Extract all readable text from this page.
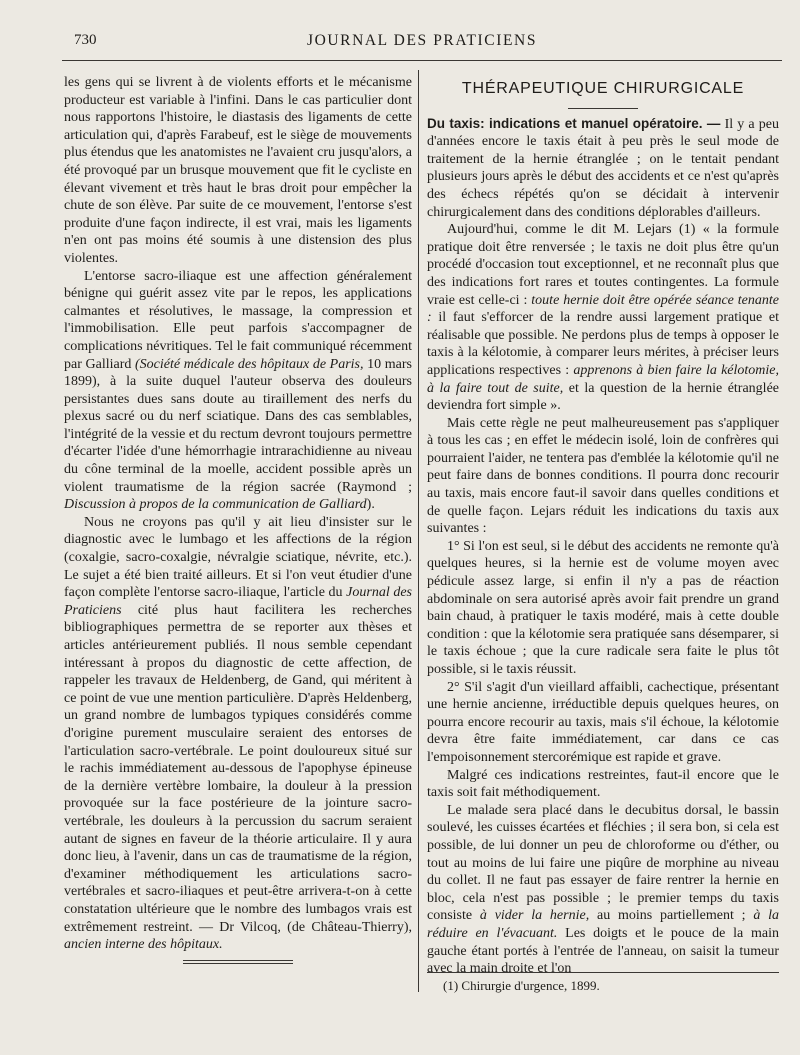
730	JOURNAL DES PRATICIENS

les gens qui se livrent à de violents efforts et le mécanisme producteur est variable à l'infini. Dans le cas particulier dont nous rapportons l'histoire, le diastasis des ligaments de cette articulation qui, d'après Farabeuf, est le siège de mouvements plus étendus que les anatomistes ne l'avaient cru jusqu'alors, a été provoqué par un brusque mouvement que fit le cycliste en élevant vivement et très haut le bras droit pour empêcher la chute de son élève. Par suite de ce mouvement, l'entorse s'est produite d'une façon indirecte, il est vrai, mais les ligaments n'en ont pas moins été soumis à une distension des plus violentes.

L'entorse sacro-iliaque est une affection généralement bénigne qui guérit assez vite par le repos, les applications calmantes et résolutives, le massage, la compression et l'immobilisation. Elle peut parfois s'accompagner de complications névritiques. Tel le fait communiqué récemment par Galliard (Société médicale des hôpitaux de Paris, 10 mars 1899), à la suite duquel l'auteur observa des douleurs persistantes dues sans doute au tiraillement des nerfs du plexus sacré ou du nerf sciatique. Dans des cas semblables, l'intégrité de la vessie et du rectum devront toujours permettre d'écarter l'idée d'une hémorrhagie intrarachidienne au niveau du cône terminal de la moelle, accident possible après un violent traumatisme de la région sacrée (Raymond ; Discussion à propos de la communication de Galliard).

Nous ne croyons pas qu'il y ait lieu d'insister sur le diagnostic avec le lumbago et les affections de la région (coxalgie, sacro-coxalgie, névralgie sciatique, névrite, etc.). Le sujet a été bien traité ailleurs. Et si l'on veut étudier d'une façon complète l'entorse sacro-iliaque, l'article du Journal des Praticiens cité plus haut facilitera les recherches bibliographiques permettra de se reporter aux thèses et articles antérieurement publiés. Il nous semble cependant intéressant à propos du diagnostic de cette affection, de rappeler les travaux de Heldenberg, de Gand, qui méritent à ce point de vue une mention particulière. D'après Heldenberg, un grand nombre de lumbagos typiques considérés comme d'origine purement musculaire seraient des entorses de l'articulation sacro-vertébrale. Le point douloureux situé sur le rachis immédiatement au-dessous de l'apophyse épineuse de la dernière vertèbre lombaire, la douleur à la pression provoquée sur la face postérieure de la jointure sacro-vertébrale, les douleurs à la percussion du sacrum seraient autant de signes en faveur de la théorie articulaire. Il y aura donc lieu, à l'avenir, dans un cas de traumatisme de la région, d'examiner méthodiquement les articulations sacro-vertébrales et sacro-iliaques et peut-être arrivera-t-on à cette constatation ultérieure que le nombre des lumbagos vrais est extrêmement restreint. — Dr Vilcoq, (de Château-Thierry), ancien interne des hôpitaux.

THÉRAPEUTIQUE CHIRURGICALE

Du taxis: indications et manuel opératoire. — Il y a peu d'années encore le taxis était à peu près le seul mode de traitement de la hernie étranglée ; on le tentait pendant plusieurs jours après le début des accidents et ce n'est qu'après des échecs répétés qu'on se décidait à intervenir chirurgicalement dans des conditions déplorables d'ailleurs.

Aujourd'hui, comme le dit M. Lejars (1) « la formule pratique doit être renversée ; le taxis ne doit plus être qu'un procédé d'occasion tout exceptionnel, et ne reconnaît plus que des indications fort rares et toutes contingentes. La formule vraie est celle-ci : toute hernie doit être opérée séance tenante : il faut s'efforcer de la rendre aussi largement pratique et réalisable que possible. Ne perdons plus de temps à opposer le taxis à la kélotomie, à comparer leurs mérites, à préciser leurs applications respectives : apprenons à bien faire la kélotomie, à la faire tout de suite, et la question de la hernie étranglée deviendra fort simple ».

Mais cette règle ne peut malheureusement pas s'appliquer à tous les cas ; en effet le médecin isolé, loin de confrères qui pourraient l'aider, ne tentera pas d'emblée la kélotomie qu'il ne peut faire dans de bonnes conditions. Il pourra donc recourir au taxis, mais encore faut-il savoir dans quelles conditions et de quelle façon. Lejars réduit les indications du taxis aux suivantes :

1° Si l'on est seul, si le début des accidents ne remonte qu'à quelques heures, si la hernie est de volume moyen avec pédicule assez large, si enfin il n'y a pas de réaction abdominale on sera autorisé après avoir fait prendre un grand bain chaud, à pratiquer le taxis modéré, mais à cette double condition : que la kélotomie sera pratiquée sans désemparer, si le taxis échoue ; que la cure radicale sera faite le plus tôt possible, si le taxis réussit.

2° S'il s'agit d'un vieillard affaibli, cachectique, présentant une hernie ancienne, irréductible depuis quelques heures, on pourra encore recourir au taxis, mais s'il échoue, la kélotomie devra être faite immédiatement, car dans ce cas l'empoisonnement stercorémique est rapide et grave.

Malgré ces indications restreintes, faut-il encore que le taxis soit fait méthodiquement.

Le malade sera placé dans le decubitus dorsal, le bassin soulevé, les cuisses écartées et fléchies ; il sera bon, si cela est possible, de lui donner un peu de chloroforme ou d'éther, ou tout au moins de lui faire une piqûre de morphine au niveau du collet. Il ne faut pas essayer de faire rentrer la hernie en bloc, cela n'est pas possible ; le premier temps du taxis consiste à vider la hernie, au moins partiellement ; à la réduire en l'évacuant. Les doigts et le pouce de la main gauche étant portés à l'entrée de l'anneau, on saisit la tumeur avec la main droite et l'on

(1) Chirurgie d'urgence, 1899.
